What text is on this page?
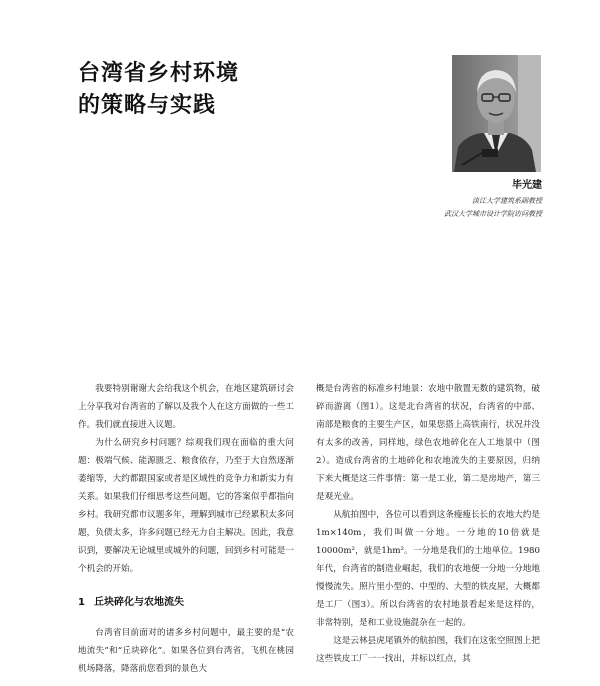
台湾省乡村环境
的策略与实践
毕光建
淡江大学建筑系副教授
武汉大学城市设计学院访问教授

我要特别谢谢大会给我这个机会，在地区建筑研讨会上分享我对台湾省的了解以及我个人在这方面做的一些工作。我们就直接进入议题。

为什么研究乡村问题？综观我们现在面临的重大问题：极端气候、能源匮乏、粮食依存，乃至于大自然逐渐萎缩等，大约都跟国家或者是区域性的竞争力和新实力有关系。如果我们仔细思考这些问题，它的答案似乎都指向乡村。我研究都市议题多年，理解到城市已经累积太多问题，负债太多，许多问题已经无力自主解决。因此，我意识到，要解决无论城里或城外的问题，回到乡村可能是一个机会的开始。

1 丘块碎化与农地流失

台湾省目前面对的诸多乡村问题中，最主要的是“农地流失”和“丘块碎化”。如果各位到台湾省，飞机在桃园机场降落，降落前您看到的景色大

概是台湾省的标准乡村地景：农地中散置无数的建筑物，破碎而游离（图1）。这是北台湾省的状况，台湾省的中部、南部是粮食的主要生产区，如果您搭上高铁南行，状况并没有太多的改善，同样地，绿色农地碎化在人工地景中（图2）。造成台湾省的土地碎化和农地流失的主要原因，归纳下来大概是这三件事情：第一是工业，第二是房地产，第三是观光业。

从航拍图中，各位可以看到这条瘦瘦长长的农地大约是1m×140m，我们叫做一分地。一分地的10倍就是10000m²，就是1hm²。一分地是我们的土地单位。1980年代，台湾省的制造业崛起，我们的农地便一分地一分地地慢慢流失。照片里小型的、中型的、大型的铁皮屋，大概都是工厂（图3）。所以台湾省的农村地景看起来是这样的，非常特别，是和工业设施混杂在一起的。

这是云林县虎尾镇外的航拍图，我们在这张空照图上把这些铁皮工厂一一找出，并标以红点，其
